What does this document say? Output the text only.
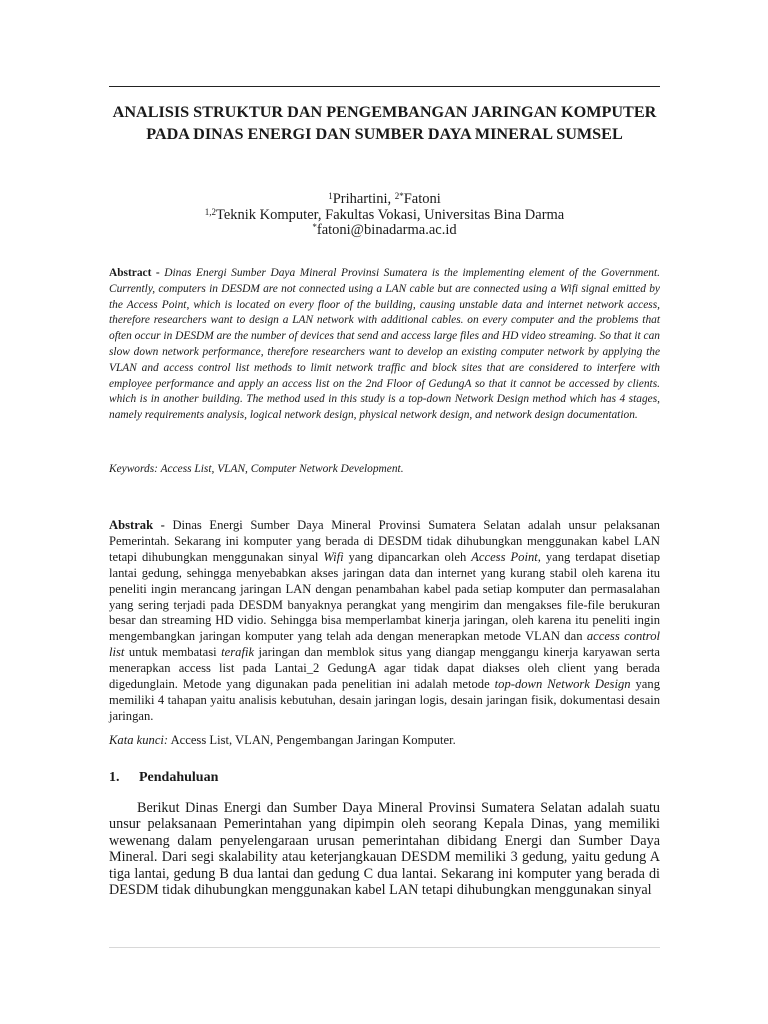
ANALISIS STRUKTUR DAN PENGEMBANGAN JARINGAN KOMPUTER PADA DINAS ENERGI DAN SUMBER DAYA MINERAL SUMSEL
$^1$Prihartini, $^{2*}$Fatoni
$^{1,2}$Teknik Komputer, Fakultas Vokasi, Universitas Bina Darma
*fatoni@binadarma.ac.id

Abstract - Dinas Energi Sumber Daya Mineral Provinsi Sumatera is the implementing element of the Government. Currently, computers in DESDM are not connected using a LAN cable but are connected using a Wifi signal emitted by the Access Point, which is located on every floor of the building, causing unstable data and internet network access, therefore researchers want to design a LAN network with additional cables. on every computer and the problems that often occur in DESDM are the number of devices that send and access large files and HD video streaming. So that it can slow down network performance, therefore researchers want to develop an existing computer network by applying the VLAN and access control list methods to limit network traffic and block sites that are considered to interfere with employee performance and apply an access list on the 2nd Floor of GedungA so that it cannot be accessed by clients. which is in another building. The method used in this study is a top-down Network Design method which has 4 stages, namely requirements analysis, logical network design, physical network design, and network design documentation.

Keywords: Access List, VLAN, Computer Network Development.

Abstrak - Dinas Energi Sumber Daya Mineral Provinsi Sumatera Selatan adalah unsur pelaksanan Pemerintah. Sekarang ini komputer yang berada di DESDM tidak dihubungkan menggunakan kabel LAN tetapi dihubungkan menggunakan sinyal Wifi yang dipancarkan oleh Access Point, yang terdapat disetiap lantai gedung, sehingga menyebabkan akses jaringan data dan internet yang kurang stabil oleh karena itu peneliti ingin merancang jaringan LAN dengan penambahan kabel pada setiap komputer dan permasalahan yang sering terjadi pada DESDM banyaknya perangkat yang mengirim dan mengakses file-file berukuran besar dan streaming HD vidio. Sehingga bisa memperlambat kinerja jaringan, oleh karena itu peneliti ingin mengembangkan jaringan komputer yang telah ada dengan menerapkan metode VLAN dan access control list untuk membatasi terafik jaringan dan memblok situs yang diangap menggangu kinerja karyawan serta menerapkan access list pada Lantai_2 GedungA agar tidak dapat diakses oleh client yang berada digedunglain. Metode yang digunakan pada penelitian ini adalah metode top-down Network Design yang memiliki 4 tahapan yaitu analisis kebutuhan, desain jaringan logis, desain jaringan fisik, dokumentasi desain jaringan.

Kata kunci: Access List, VLAN, Pengembangan Jaringan Komputer.

1. Pendahuluan

Berikut Dinas Energi dan Sumber Daya Mineral Provinsi Sumatera Selatan adalah suatu unsur pelaksanaan Pemerintahan yang dipimpin oleh seorang Kepala Dinas, yang memiliki wewenang dalam penyelengaraan urusan pemerintahan dibidang Energi dan Sumber Daya Mineral. Dari segi skalability atau keterjangkauan DESDM memiliki 3 gedung, yaitu gedung A tiga lantai, gedung B dua lantai dan gedung C dua lantai. Sekarang ini komputer yang berada di DESDM tidak dihubungkan menggunakan kabel LAN tetapi dihubungkan menggunakan sinyal
